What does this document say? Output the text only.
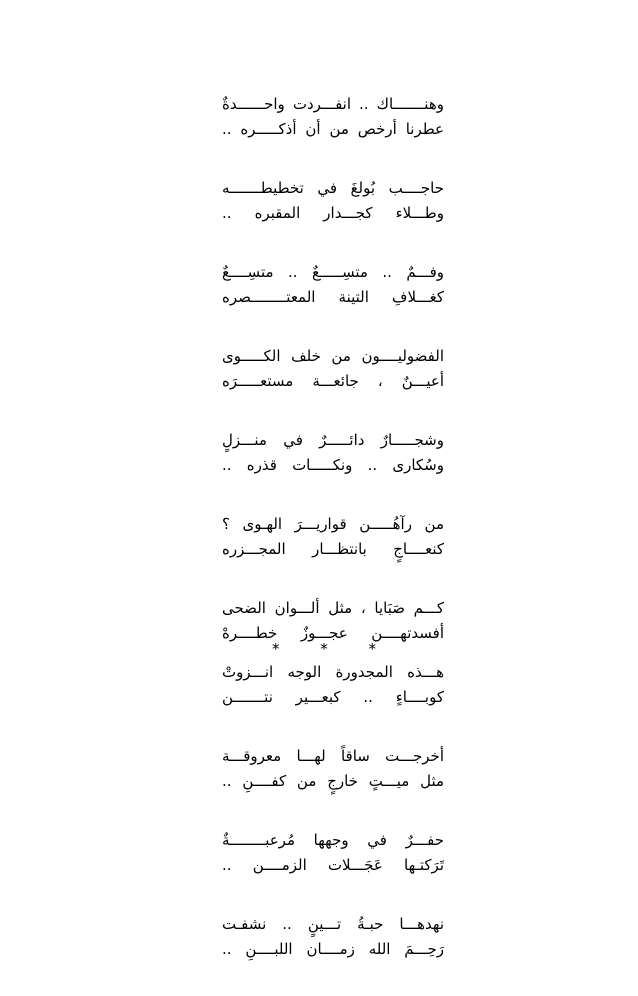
وهنـــــــاك .. انفـــردت واحــــــدةٌ
عطرنا أرخص من أن أذكـــــره ..
حاجــــب بُولغَ في تخطيطـــــــه
وطـــلاء كجـــدار المقبره ..
وفـــمٌ .. متسِـــــعٌ .. متسِــــعٌ
كغـــلافِ التينة المعتــــــــصره
الفضوليــــون من خلف الكـــــوى
أعيـــنٌ ، جائعـــة مستعـــــرَه
وشجـــــارٌ دائـــــرٌ في منـــزلٍ
وسُكارى .. ونكـــــات قذره ..
من رآهُـــــن قواريـــرَ الهـوى ؟
كنعــــاجٍ بانتظـــار المجـــزره
كـــم صَبَايا ، مثل ألـــوان الضحى
أفسدتهــــن عجـــوزٌ خطــــرهْ
* * *
هـــذه المجدورة الوجه انـــزوتْ
كوبــــاءٍ .. كبعـــير نتـــــــن
أخرجـــت ساقاً لهـــا معروقـــة
مثل ميـــتٍ خارجٍ من كفــــنِ ..
حفـــرٌ في وجهها مُرعبــــــــةٌ
تَرَكتـها عَجَـــلات الزمــــن ..
نهدهـــا حبـةُ تـــينٍ .. نشفـت
رَحِـــمَ الله زمــــان اللبــــنِ ..
